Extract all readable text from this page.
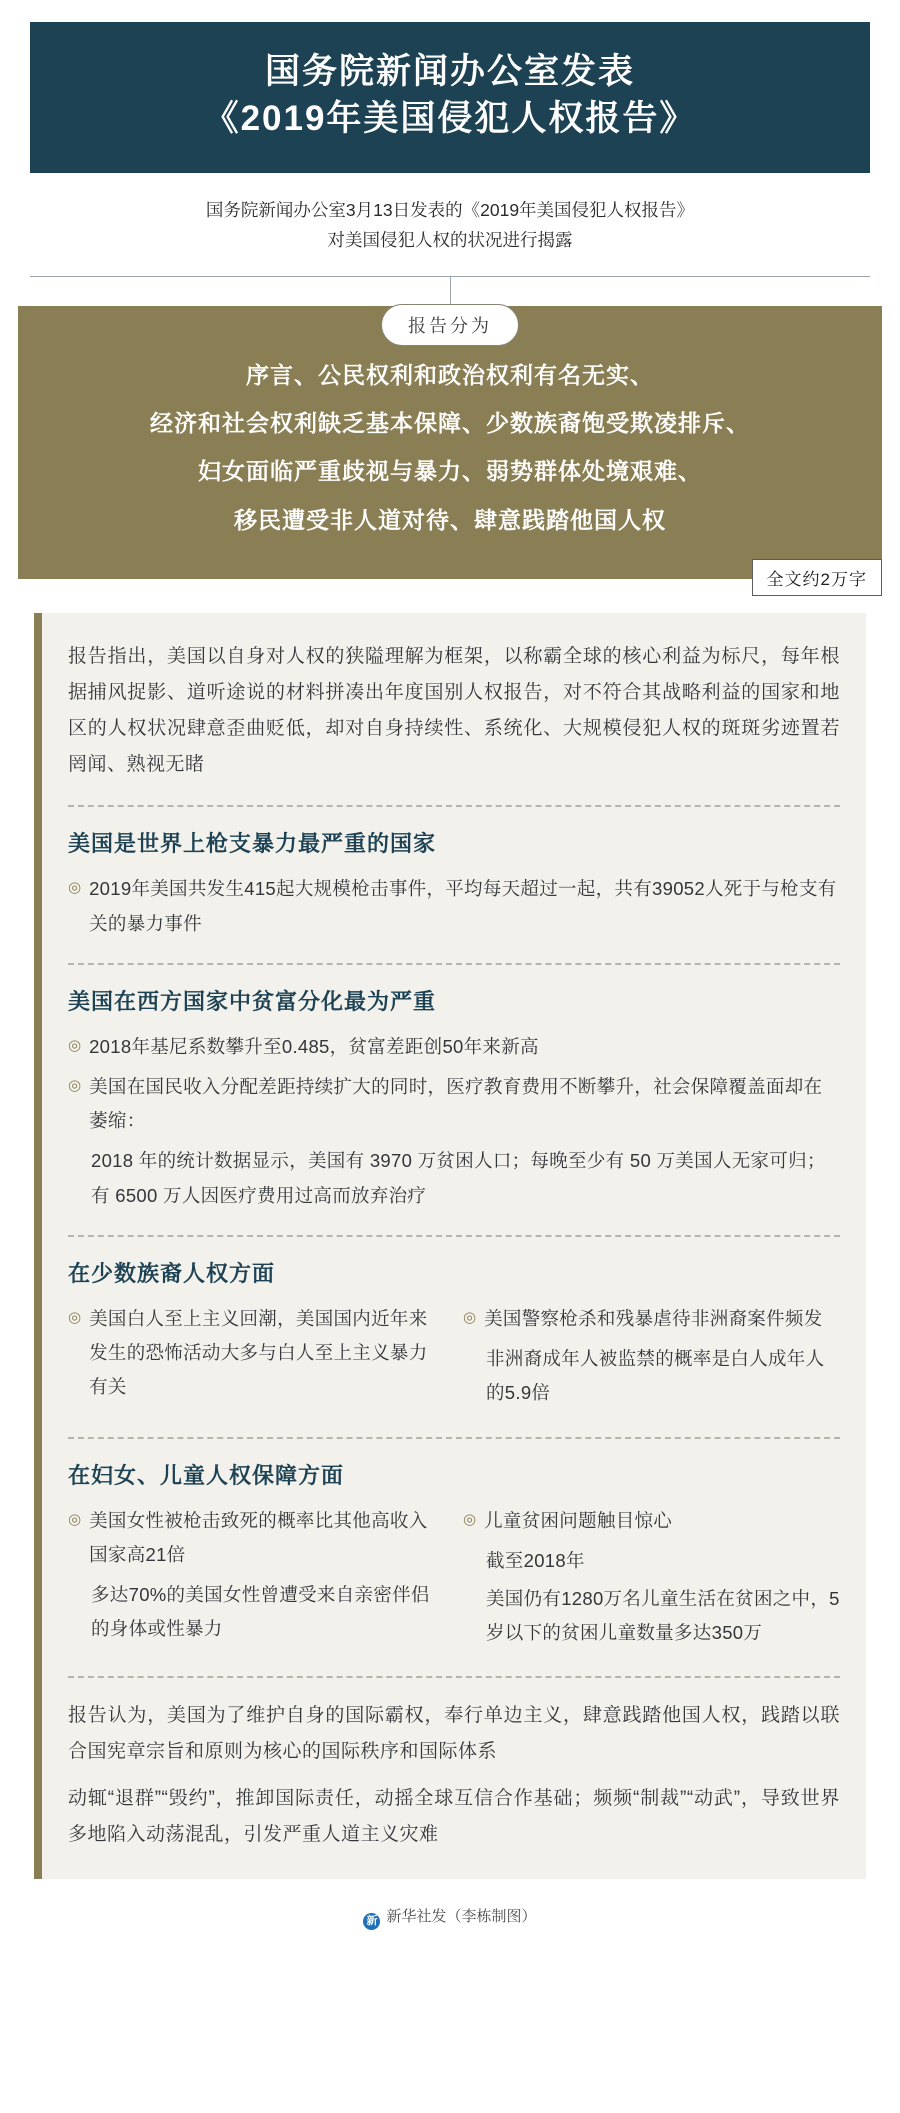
国务院新闻办公室发表
《2019年美国侵犯人权报告》
国务院新闻办公室3月13日发表的《2019年美国侵犯人权报告》
对美国侵犯人权的状况进行揭露
报告分为
序言、公民权利和政治权利有名无实、
经济和社会权利缺乏基本保障、少数族裔饱受欺凌排斥、
妇女面临严重歧视与暴力、弱势群体处境艰难、
移民遭受非人道对待、肆意践踏他国人权
全文约2万字
报告指出，美国以自身对人权的狭隘理解为框架，以称霸全球的核心利益为标尺，每年根据捕风捉影、道听途说的材料拼凑出年度国别人权报告，对不符合其战略利益的国家和地区的人权状况肆意歪曲贬低，却对自身持续性、系统化、大规模侵犯人权的斑斑劣迹置若罔闻、熟视无睹
美国是世界上枪支暴力最严重的国家
◎ 2019年美国共发生415起大规模枪击事件，平均每天超过一起，共有39052人死于与枪支有关的暴力事件
美国在西方国家中贫富分化最为严重
◎ 2018年基尼系数攀升至0.485，贫富差距创50年来新高
◎ 美国在国民收入分配差距持续扩大的同时，医疗教育费用不断攀升，社会保障覆盖面却在萎缩：
2018 年的统计数据显示，美国有 3970 万贫困人口；每晚至少有 50 万美国人无家可归；有 6500 万人因医疗费用过高而放弃治疗
在少数族裔人权方面
◎ 美国白人至上主义回潮，美国国内近年来发生的恐怖活动大多与白人至上主义暴力有关
◎ 美国警察枪杀和残暴虐待非洲裔案件频发
非洲裔成年人被监禁的概率是白人成年人的5.9倍
在妇女、儿童人权保障方面
◎ 美国女性被枪击致死的概率比其他高收入国家高21倍
多达70%的美国女性曾遭受来自亲密伴侣的身体或性暴力
◎ 儿童贫困问题触目惊心
截至2018年
美国仍有1280万名儿童生活在贫困之中，5岁以下的贫困儿童数量多达350万
报告认为，美国为了维护自身的国际霸权，奉行单边主义，肆意践踏他国人权，践踏以联合国宪章宗旨和原则为核心的国际秩序和国际体系
动辄“退群”“毁约”，推卸国际责任，动摇全球互信合作基础；频频“制裁”“动武”，导致世界多地陷入动荡混乱，引发严重人道主义灾难
新 新华社发（李栋制图）
